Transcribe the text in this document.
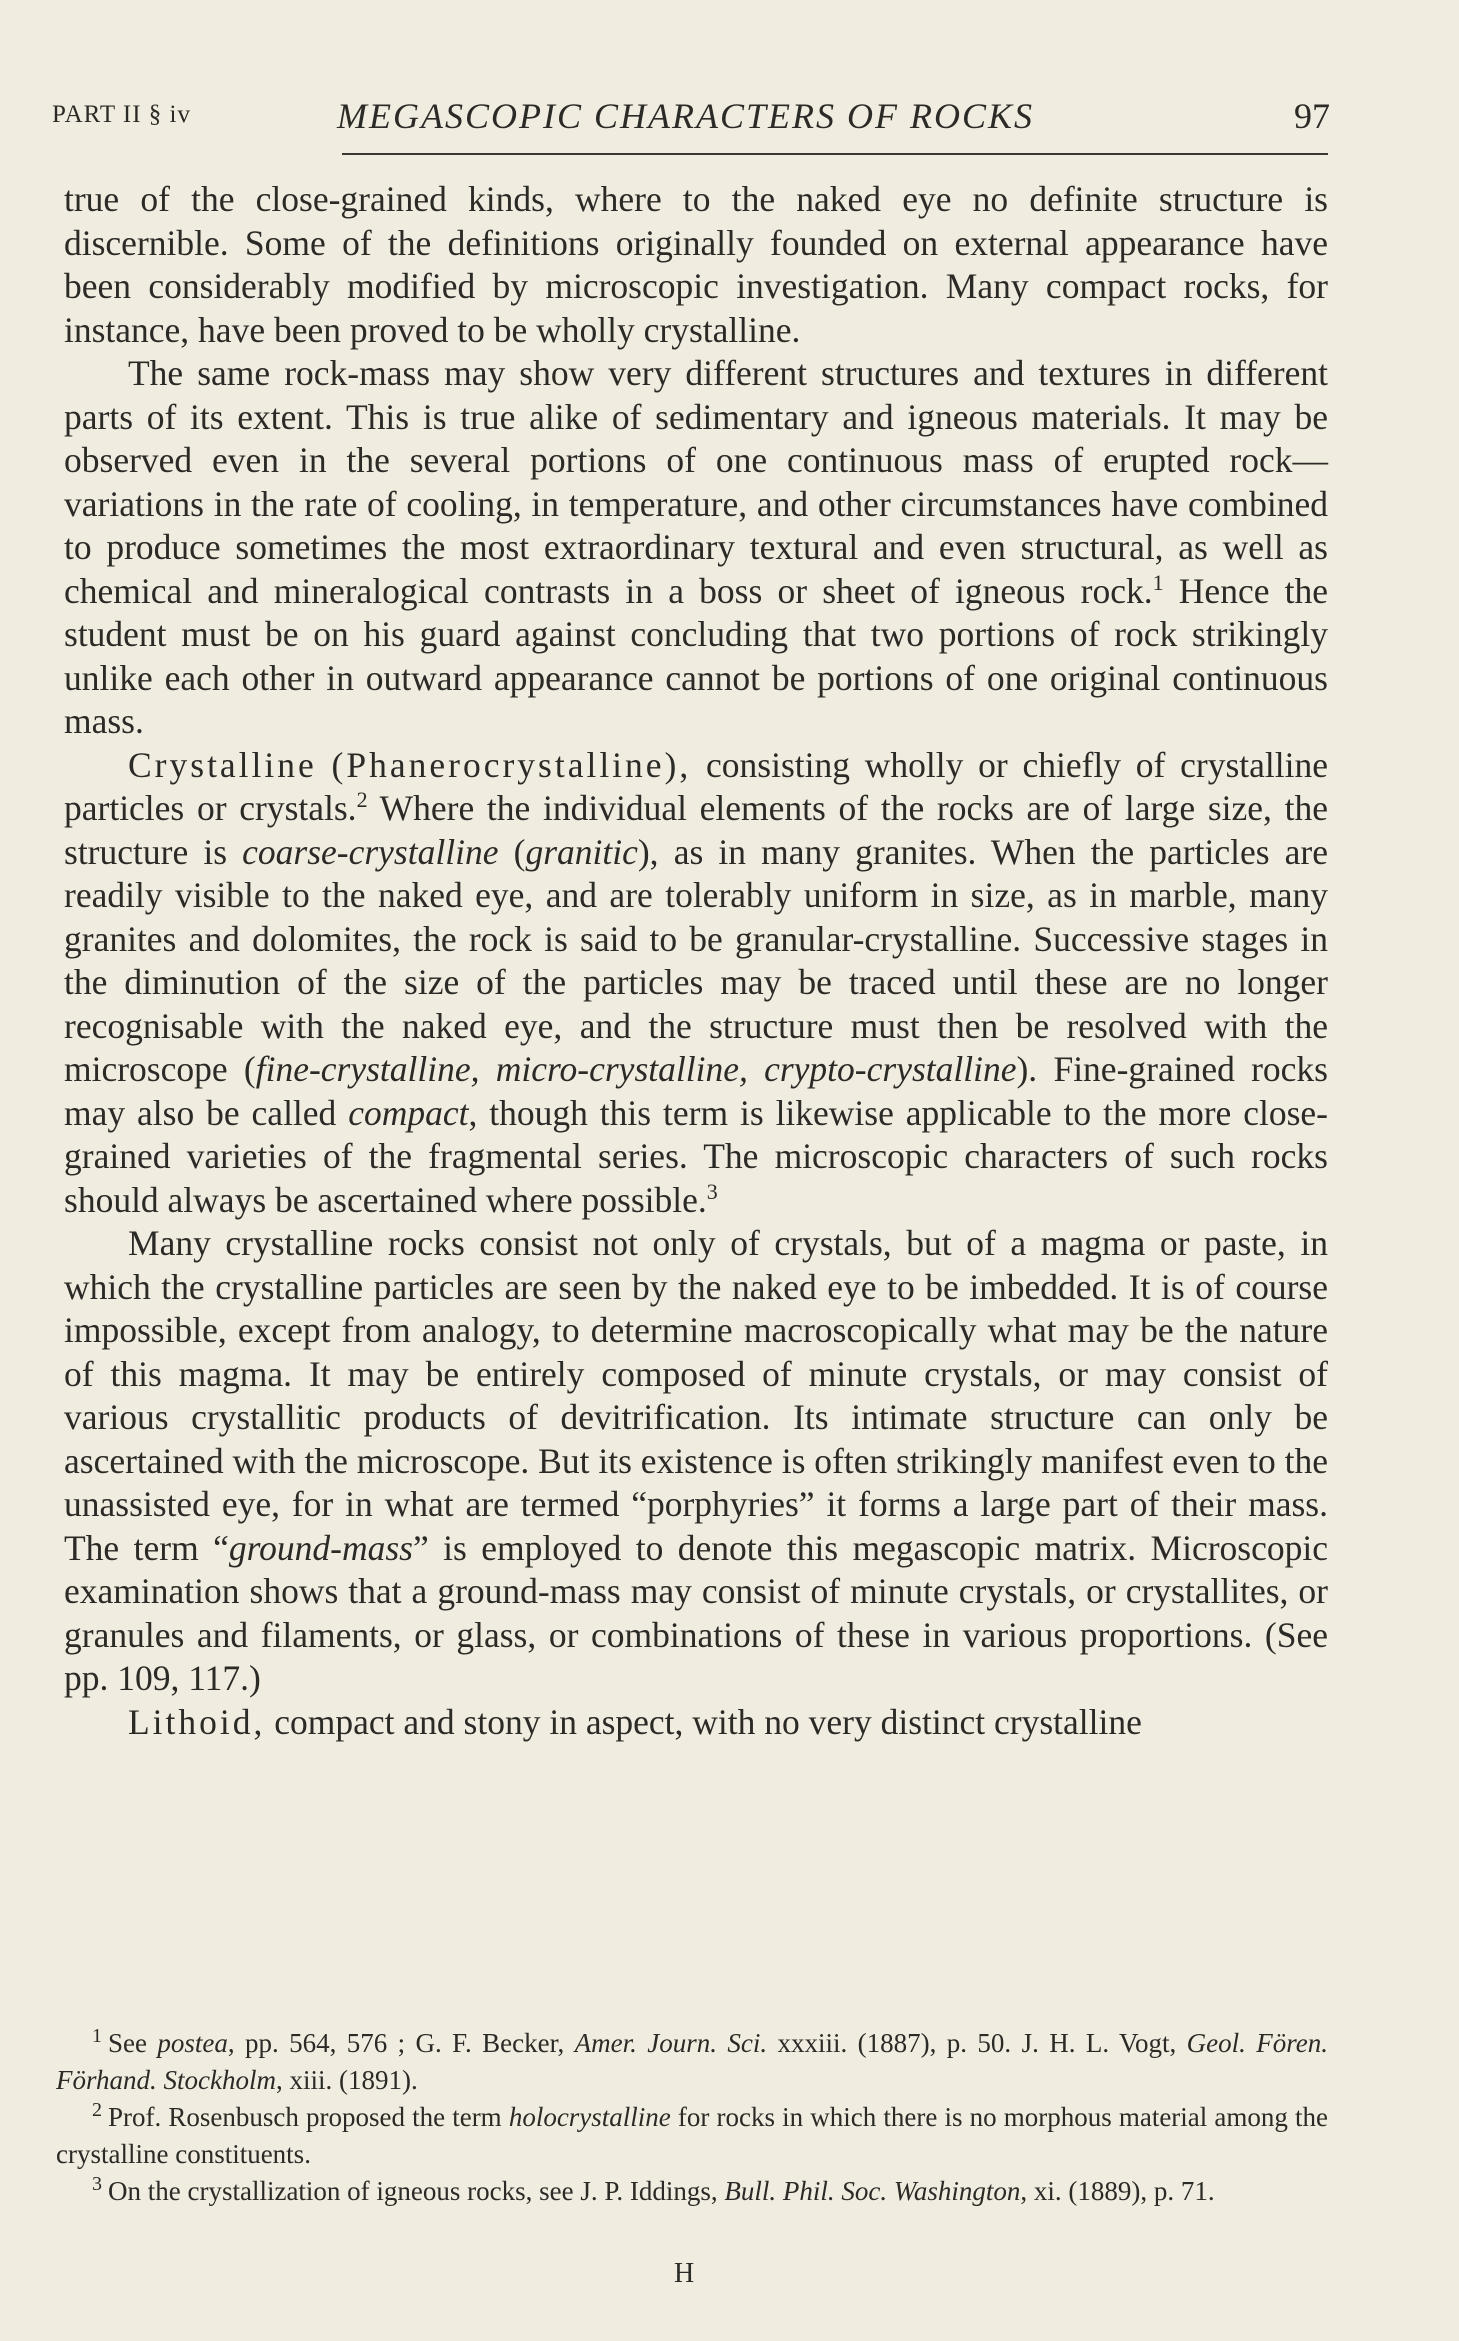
PART II § iv	MEGASCOPIC CHARACTERS OF ROCKS	97

true of the close-grained kinds, where to the naked eye no definite structure is discernible. Some of the definitions originally founded on external appearance have been considerably modified by microscopic investigation. Many compact rocks, for instance, have been proved to be wholly crystalline.

The same rock-mass may show very different structures and textures in different parts of its extent. This is true alike of sedimentary and igneous materials. It may be observed even in the several portions of one continuous mass of erupted rock—variations in the rate of cooling, in temperature, and other circumstances have combined to produce sometimes the most extraordinary textural and even structural, as well as chemical and mineralogical contrasts in a boss or sheet of igneous rock.$^1$ Hence the student must be on his guard against concluding that two portions of rock strikingly unlike each other in outward appearance cannot be portions of one original continuous mass.

Crystalline (Phanerocrystalline), consisting wholly or chiefly of crystalline particles or crystals.$^2$ Where the individual elements of the rocks are of large size, the structure is coarse-crystalline (granitic), as in many granites. When the particles are readily visible to the naked eye, and are tolerably uniform in size, as in marble, many granites and dolomites, the rock is said to be granular-crystalline. Successive stages in the diminution of the size of the particles may be traced until these are no longer recognisable with the naked eye, and the structure must then be resolved with the microscope (fine-crystalline, micro-crystalline, crypto-crystalline). Fine-grained rocks may also be called compact, though this term is likewise applicable to the more close-grained varieties of the fragmental series. The microscopic characters of such rocks should always be ascertained where possible.$^3$

Many crystalline rocks consist not only of crystals, but of a magma or paste, in which the crystalline particles are seen by the naked eye to be imbedded. It is of course impossible, except from analogy, to determine macroscopically what may be the nature of this magma. It may be entirely composed of minute crystals, or may consist of various crystallitic products of devitrification. Its intimate structure can only be ascertained with the microscope. But its existence is often strikingly manifest even to the unassisted eye, for in what are termed “porphyries” it forms a large part of their mass. The term “ground-mass” is employed to denote this megascopic matrix. Microscopic examination shows that a ground-mass may consist of minute crystals, or crystallites, or granules and filaments, or glass, or combinations of these in various proportions. (See pp. 109, 117.)

Lithoid, compact and stony in aspect, with no very distinct crystalline

$^1$ See postea, pp. 564, 576 ; G. F. Becker, Amer. Journ. Sci. xxxiii. (1887), p. 50. J. H. L. Vogt, Geol. Fören. Förhand. Stockholm, xiii. (1891).

$^2$ Prof. Rosenbusch proposed the term holocrystalline for rocks in which there is no morphous material among the crystalline constituents.

$^3$ On the crystallization of igneous rocks, see J. P. Iddings, Bull. Phil. Soc. Washington, xi. (1889), p. 71.

H
